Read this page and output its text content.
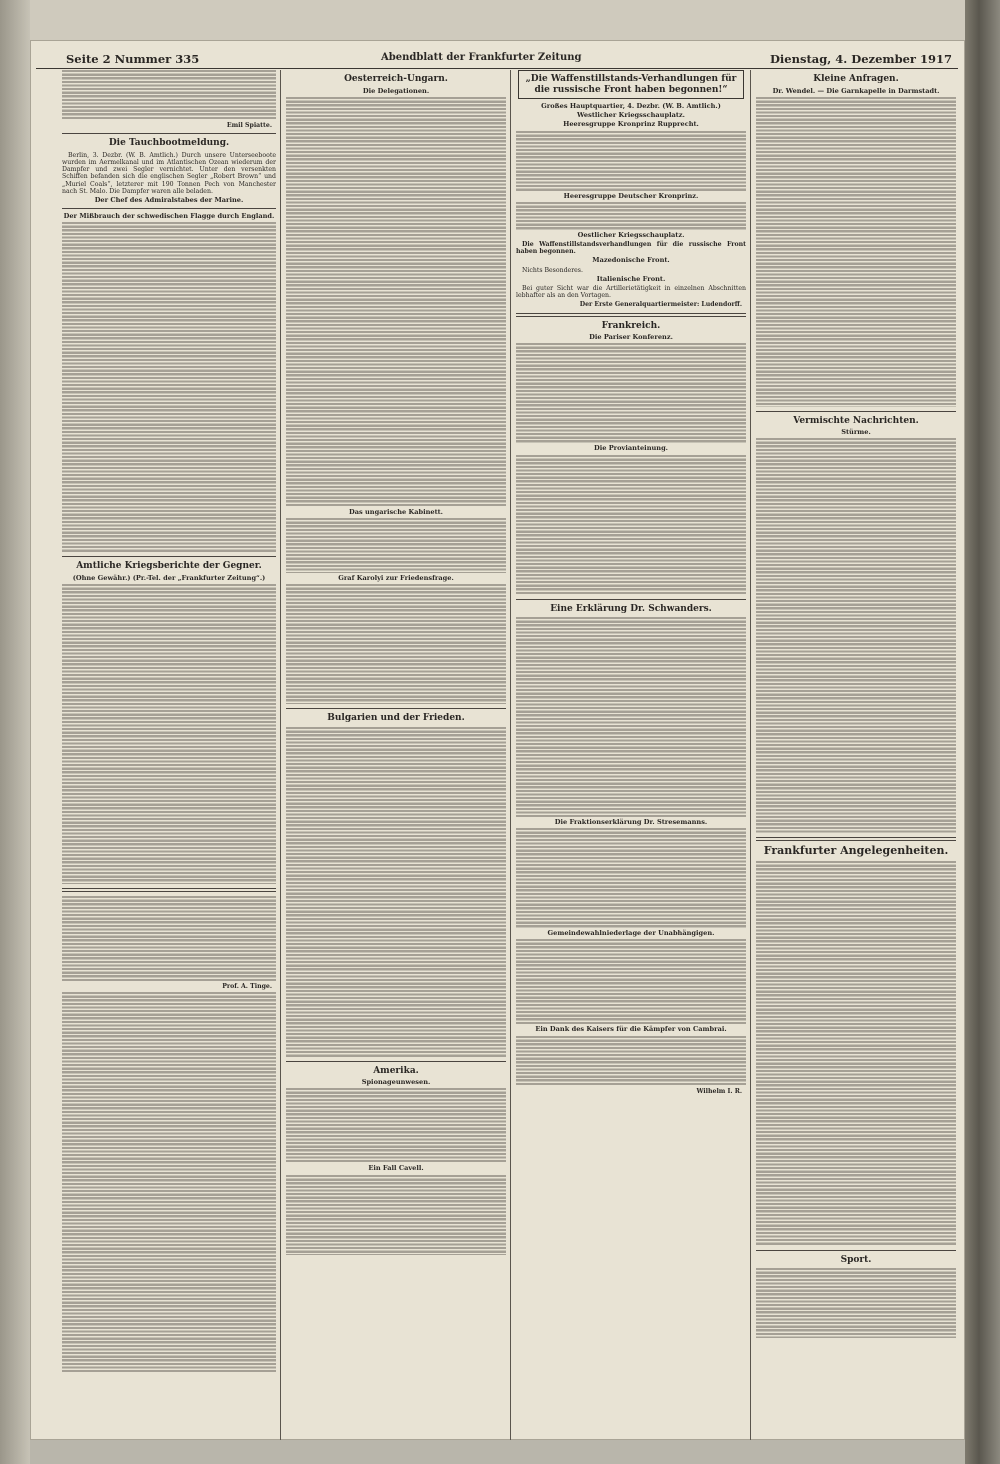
Seite 2 Nummer 335	Abendblatt der Frankfurter Zeitung	Dienstag, 4. Dezember 1917
Emil Spiatte.
Die Tauchbootmeldung.

Berlin, 3. Dezbr. (W. B. Amtlich.) Durch unsere Unterseeboote wurden im Aermelkanal und im Atlantischen Ozean wiederum der Dampfer und zwei Segler vernichtet. Unter den versenkten Schiffen befanden sich die englischen Segler „Robert Brown“ und „Muriel Coals“, letzterer mit 190 Tonnen Pech von Manchester nach St. Malo. Die Dampfer waren alle beladen.

Der Chef des Admiralstabes der Marine.
Der Mißbrauch der schwedischen Flagge durch England.
Amtliche Kriegsberichte der Gegner.
(Ohne Gewähr.) (Pr.-Tel. der „Frankfurter Zeitung“.)
Prof. A. Tinge.
Oesterreich-Ungarn.
Die Delegationen.
Das ungarische Kabinett.
Graf Karolyi zur Friedensfrage.
Bulgarien und der Frieden.
Amerika.
Spionageunwesen.
Ein Fall Cavell.
„Die Waffenstillstands-Verhandlungen für die russische Front haben begonnen!“
Großes Hauptquartier, 4. Dezbr. (W. B. Amtlich.)
Westlicher Kriegsschauplatz.
Heeresgruppe Kronprinz Rupprecht.
Heeresgruppe Deutscher Kronprinz.
Oestlicher Kriegsschauplatz.

Die Waffenstillstandsverhandlungen für die russische Front haben begonnen.

Mazedonische Front.

Nichts Besonderes.

Italienische Front.

Bei guter Sicht war die Artillerietätigkeit in einzelnen Abschnitten lebhafter als an den Vortagen.

Der Erste Generalquartiermeister: Ludendorff.
Frankreich.
Die Pariser Konferenz.
Die Provianteinung.
Eine Erklärung Dr. Schwanders.
Die Fraktionserklärung Dr. Stresemanns.
Gemeindewahlniederlage der Unabhängigen.
Ein Dank des Kaisers für die Kämpfer von Cambrai.
Wilhelm I. R.
Kleine Anfragen.
Dr. Wendel. — Die Garnkapelle in Darmstadt.
Vermischte Nachrichten.
Stürme.
Frankfurter Angelegenheiten.
Sport.
